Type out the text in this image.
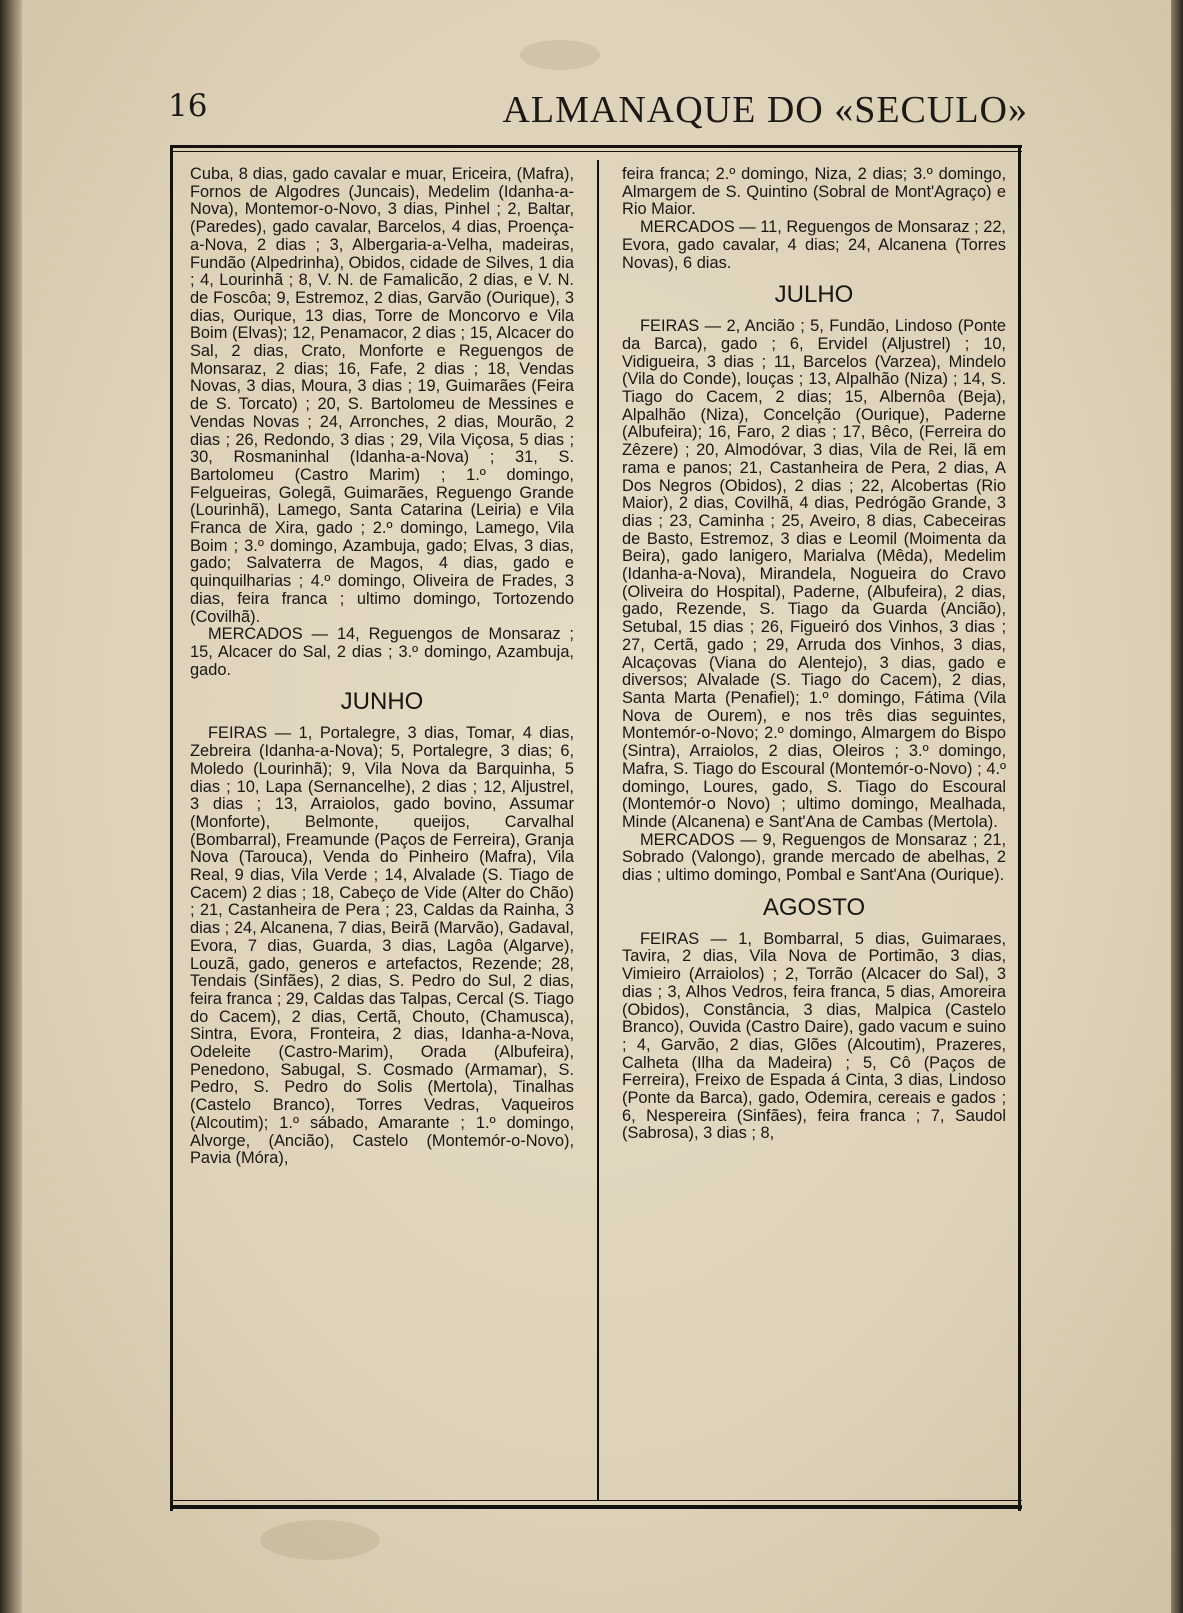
16	ALMANAQUE DO «SECULO»

Cuba, 8 dias, gado cavalar e muar, Ericeira, (Mafra), Fornos de Algodres (Juncais), Medelim (Idanha-a-Nova), Montemor-o-Novo, 3 dias, Pinhel ; 2, Baltar, (Paredes), gado cavalar, Barcelos, 4 dias, Proença-a-Nova, 2 dias ; 3, Albergaria-a-Velha, madeiras, Fundão (Alpedrinha), Obidos, cidade de Silves, 1 dia ; 4, Lourinhã ; 8, V. N. de Famalicão, 2 dias, e V. N. de Foscôa; 9, Estremoz, 2 dias, Garvão (Ourique), 3 dias, Ourique, 13 dias, Torre de Moncorvo e Vila Boim (Elvas); 12, Penamacor, 2 dias ; 15, Alcacer do Sal, 2 dias, Crato, Monforte e Reguengos de Monsaraz, 2 dias; 16, Fafe, 2 dias ; 18, Vendas Novas, 3 dias, Moura, 3 dias ; 19, Guimarães (Feira de S. Torcato) ; 20, S. Bartolomeu de Messines e Vendas Novas ; 24, Arronches, 2 dias, Mourão, 2 dias ; 26, Redondo, 3 dias ; 29, Vila Viçosa, 5 dias ; 30, Rosmaninhal (Idanha-a-Nova) ; 31, S. Bartolomeu (Castro Marim) ; 1.º domingo, Felgueiras, Golegã, Guimarães, Reguengo Grande (Lourinhã), Lamego, Santa Catarina (Leiria) e Vila Franca de Xira, gado ; 2.º domingo, Lamego, Vila Boim ; 3.º domingo, Azambuja, gado; Elvas, 3 dias, gado; Salvaterra de Magos, 4 dias, gado e quinquilharias ; 4.º domingo, Oliveira de Frades, 3 dias, feira franca ; ultimo domingo, Tortozendo (Covilhã).

MERCADOS — 14, Reguengos de Monsaraz ; 15, Alcacer do Sal, 2 dias ; 3.º domingo, Azambuja, gado.

JUNHO

FEIRAS — 1, Portalegre, 3 dias, Tomar, 4 dias, Zebreira (Idanha-a-Nova); 5, Portalegre, 3 dias; 6, Moledo (Lourinhã); 9, Vila Nova da Barquinha, 5 dias ; 10, Lapa (Sernancelhe), 2 dias ; 12, Aljustrel, 3 dias ; 13, Arraiolos, gado bovino, Assumar (Monforte), Belmonte, queijos, Carvalhal (Bombarral), Freamunde (Paços de Ferreira), Granja Nova (Tarouca), Venda do Pinheiro (Mafra), Vila Real, 9 dias, Vila Verde ; 14, Alvalade (S. Tiago de Cacem) 2 dias ; 18, Cabeço de Vide (Alter do Chão) ; 21, Castanheira de Pera ; 23, Caldas da Rainha, 3 dias ; 24, Alcanena, 7 dias, Beirã (Marvão), Gadaval, Evora, 7 dias, Guarda, 3 dias, Lagôa (Algarve), Louzã, gado, generos e artefactos, Rezende; 28, Tendais (Sinfães), 2 dias, S. Pedro do Sul, 2 dias, feira franca ; 29, Caldas das Talpas, Cercal (S. Tiago do Cacem), 2 dias, Certã, Chouto, (Chamusca), Sintra, Evora, Fronteira, 2 dias, Idanha-a-Nova, Odeleite (Castro-Marim), Orada (Albufeira), Penedono, Sabugal, S. Cosmado (Armamar), S. Pedro, S. Pedro do Solis (Mertola), Tinalhas (Castelo Branco), Torres Vedras, Vaqueiros (Alcoutim); 1.º sábado, Amarante ; 1.º domingo, Alvorge, (Ancião), Castelo (Montemór-o-Novo), Pavia (Móra),

feira franca; 2.º domingo, Niza, 2 dias; 3.º domingo, Almargem de S. Quintino (Sobral de Mont'Agraço) e Rio Maior.

MERCADOS — 11, Reguengos de Monsaraz ; 22, Evora, gado cavalar, 4 dias; 24, Alcanena (Torres Novas), 6 dias.

JULHO

FEIRAS — 2, Ancião ; 5, Fundão, Lindoso (Ponte da Barca), gado ; 6, Ervidel (Aljustrel) ; 10, Vidigueira, 3 dias ; 11, Barcelos (Varzea), Mindelo (Vila do Conde), louças ; 13, Alpalhão (Niza) ; 14, S. Tiago do Cacem, 2 dias; 15, Albernôa (Beja), Alpalhão (Niza), Concelção (Ourique), Paderne (Albufeira); 16, Faro, 2 dias ; 17, Bêco, (Ferreira do Zêzere) ; 20, Almodóvar, 3 dias, Vila de Rei, lã em rama e panos; 21, Castanheira de Pera, 2 dias, A Dos Negros (Obidos), 2 dias ; 22, Alcobertas (Rio Maior), 2 dias, Covilhã, 4 dias, Pedrógão Grande, 3 dias ; 23, Caminha ; 25, Aveiro, 8 dias, Cabeceiras de Basto, Estremoz, 3 dias e Leomil (Moimenta da Beira), gado lanigero, Marialva (Mêda), Medelim (Idanha-a-Nova), Mirandela, Nogueira do Cravo (Oliveira do Hospital), Paderne, (Albufeira), 2 dias, gado, Rezende, S. Tiago da Guarda (Ancião), Setubal, 15 dias ; 26, Figueiró dos Vinhos, 3 dias ; 27, Certã, gado ; 29, Arruda dos Vinhos, 3 dias, Alcaçovas (Viana do Alentejo), 3 dias, gado e diversos; Alvalade (S. Tiago do Cacem), 2 dias, Santa Marta (Penafiel); 1.º domingo, Fátima (Vila Nova de Ourem), e nos três dias seguintes, Montemór-o-Novo; 2.º domingo, Almargem do Bispo (Sintra), Arraiolos, 2 dias, Oleiros ; 3.º domingo, Mafra, S. Tiago do Escoural (Montemór-o-Novo) ; 4.º domingo, Loures, gado, S. Tiago do Escoural (Montemór-o Novo) ; ultimo domingo, Mealhada, Minde (Alcanena) e Sant'Ana de Cambas (Mertola).

MERCADOS — 9, Reguengos de Monsaraz ; 21, Sobrado (Valongo), grande mercado de abelhas, 2 dias ; ultimo domingo, Pombal e Sant'Ana (Ourique).

AGOSTO

FEIRAS — 1, Bombarral, 5 dias, Guimaraes, Tavira, 2 dias, Vila Nova de Portimão, 3 dias, Vimieiro (Arraiolos) ; 2, Torrão (Alcacer do Sal), 3 dias ; 3, Alhos Vedros, feira franca, 5 dias, Amoreira (Obidos), Constância, 3 dias, Malpica (Castelo Branco), Ouvida (Castro Daire), gado vacum e suino ; 4, Garvão, 2 dias, Glões (Alcoutim), Prazeres, Calheta (Ilha da Madeira) ; 5, Cô (Paços de Ferreira), Freixo de Espada á Cinta, 3 dias, Lindoso (Ponte da Barca), gado, Odemira, cereais e gados ; 6, Nespereira (Sinfães), feira franca ; 7, Saudol (Sabrosa), 3 dias ; 8,
